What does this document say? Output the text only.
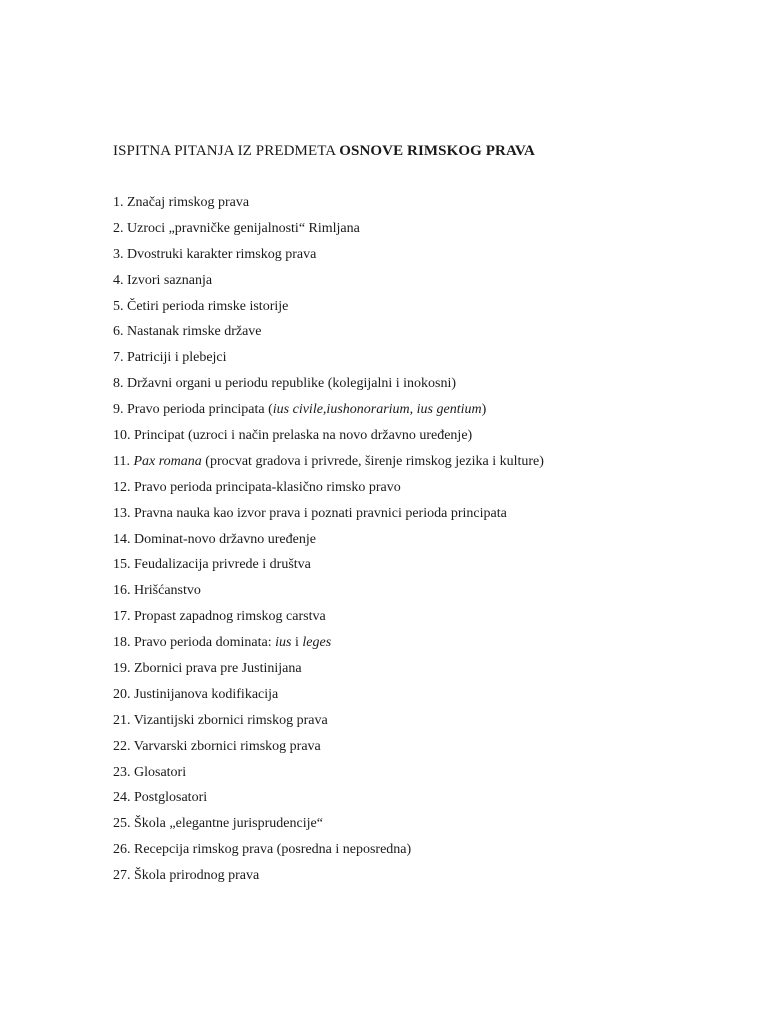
ISPITNA PITANJA IZ PREDMETA OSNOVE RIMSKOG PRAVA
1. Značaj rimskog prava
2. Uzroci „pravničke genijalnosti“ Rimljana
3. Dvostruki karakter rimskog prava
4. Izvori saznanja
5. Četiri perioda rimske istorije
6. Nastanak rimske države
7. Patriciji i plebejci
8. Državni organi u periodu republike (kolegijalni i inokosni)
9. Pravo perioda principata (ius civile,iushonorarium, ius gentium)
10. Principat (uzroci i način prelaska na novo državno uređenje)
11. Pax romana (procvat gradova i privrede, širenje rimskog jezika i kulture)
12. Pravo perioda principata-klasično rimsko pravo
13. Pravna nauka kao izvor prava i poznati pravnici perioda principata
14. Dominat-novo državno uređenje
15. Feudalizacija privrede i društva
16. Hrišćanstvo
17. Propast zapadnog rimskog carstva
18. Pravo perioda dominata: ius i leges
19. Zbornici prava pre Justinijana
20. Justinijanova kodifikacija
21. Vizantijski zbornici rimskog prava
22. Varvarski zbornici rimskog prava
23. Glosatori
24. Postglosatori
25. Škola „elegantne jurisprudencije“
26. Recepcija rimskog prava (posredna i neposredna)
27. Škola prirodnog prava
